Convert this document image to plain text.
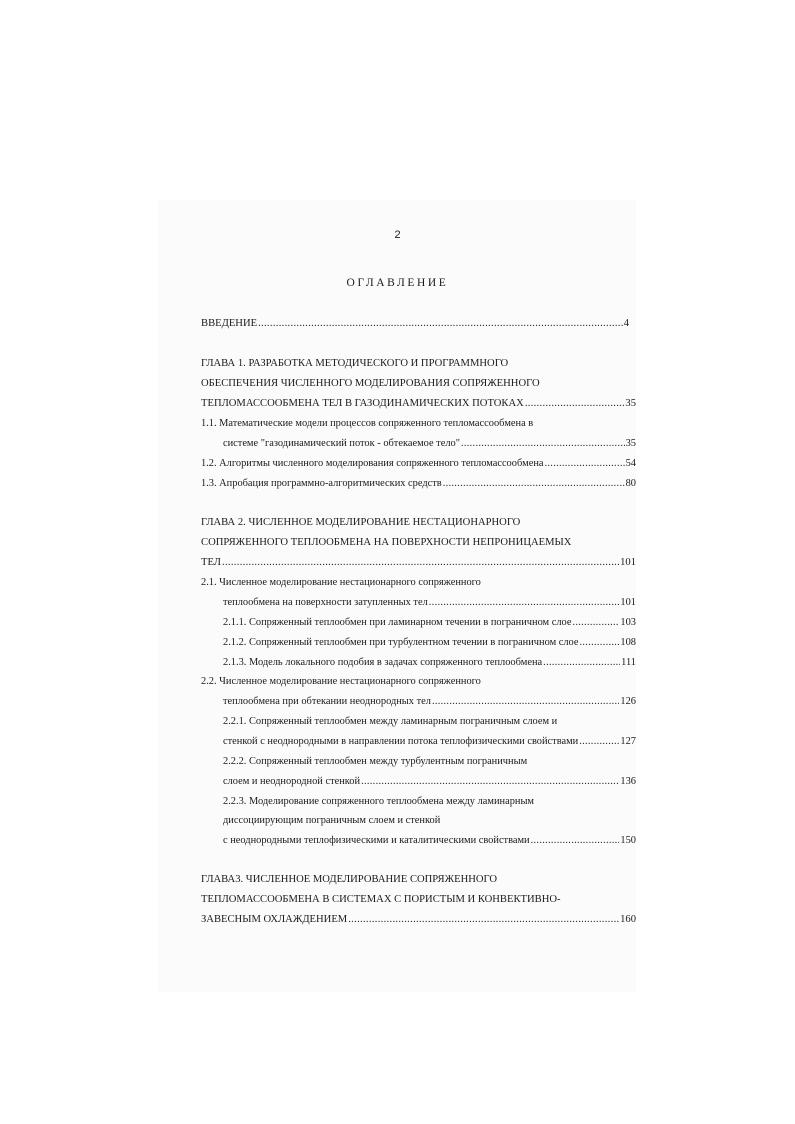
2
ОГЛАВЛЕНИЕ
ВВЕДЕНИЕ .....	4
ГЛАВА 1. РАЗРАБОТКА МЕТОДИЧЕСКОГО И ПРОГРАММНОГО
ОБЕСПЕЧЕНИЯ ЧИСЛЕННОГО МОДЕЛИРОВАНИЯ СОПРЯЖЕННОГО
ТЕПЛОМАССООБМЕНА ТЕЛ В ГАЗОДИНАМИЧЕСКИХ ПОТОКАХ .....	35
1.1. Математические модели процессов сопряженного тепломассообмена в
системе "газодинамический поток - обтекаемое тело" .....	35
1.2. Алгоритмы численного моделирования сопряженного тепломассообмена .....	54
1.3. Апробация программно-алгоритмических средств .....	80
ГЛАВА 2. ЧИСЛЕННОЕ МОДЕЛИРОВАНИЕ НЕСТАЦИОНАРНОГО
СОПРЯЖЕННОГО ТЕПЛООБМЕНА НА ПОВЕРХНОСТИ НЕПРОНИЦАЕМЫХ
ТЕЛ .....	101
2.1. Численное моделирование нестационарного сопряженного
теплообмена на поверхности затупленных тел .....	101
2.1.1. Сопряженный теплообмен при ламинарном течении в пограничном слое .....	103
2.1.2. Сопряженный теплообмен при турбулентном течении в пограничном слое .....	108
2.1.3. Модель локального подобия в задачах сопряженного теплообмена .....	111
2.2. Численное моделирование нестационарного сопряженного
теплообмена при обтекании неоднородных тел .....	126
2.2.1. Сопряженный теплообмен между ламинарным пограничным слоем и
стенкой с неоднородными в направлении потока теплофизическими свойствами .....	127
2.2.2. Сопряженный теплообмен между турбулентным пограничным
слоем и неоднородной стенкой .....	136
2.2.3. Моделирование сопряженного теплообмена между ламинарным
диссоциирующим пограничным слоем и стенкой
с неоднородными теплофизическими и каталитическими свойствами .....	150
ГЛАВА3. ЧИСЛЕННОЕ МОДЕЛИРОВАНИЕ СОПРЯЖЕННОГО
ТЕПЛОМАССООБМЕНА В СИСТЕМАХ С ПОРИСТЫМ И КОНВЕКТИВНО-
ЗАВЕСНЫМ ОХЛАЖДЕНИЕМ .....	160
